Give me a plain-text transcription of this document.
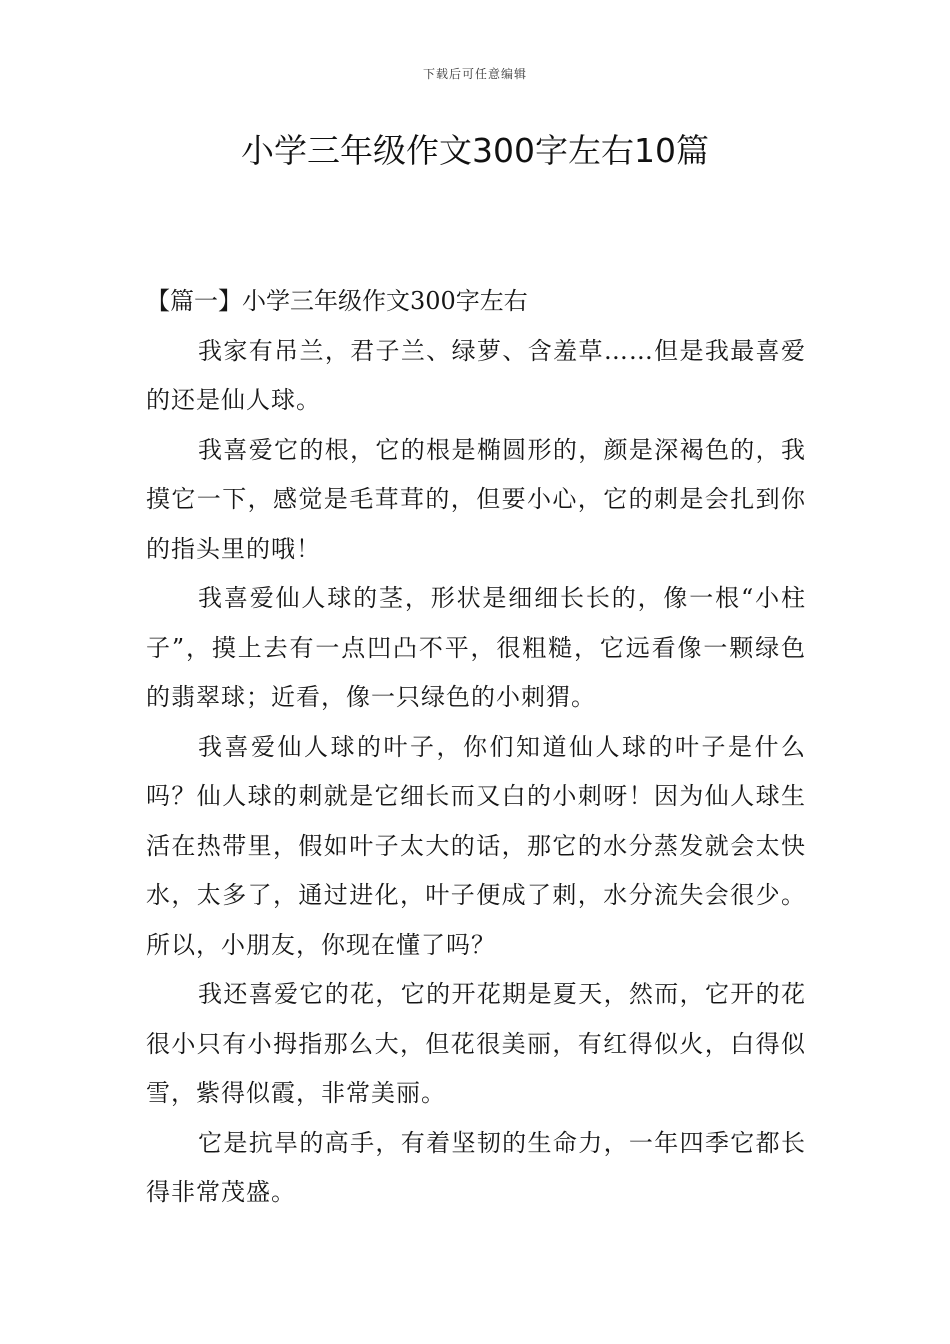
下载后可任意编辑
小学三年级作文300字左右10篇
【篇一】小学三年级作文300字左右

我家有吊兰，君子兰、绿萝、含羞草……但是我最喜爱的还是仙人球。

我喜爱它的根，它的根是椭圆形的，颜是深褐色的，我摸它一下，感觉是毛茸茸的，但要小心，它的刺是会扎到你的指头里的哦！

我喜爱仙人球的茎，形状是细细长长的，像一根“小柱子”，摸上去有一点凹凸不平，很粗糙，它远看像一颗绿色的翡翠球；近看，像一只绿色的小刺猬。

我喜爱仙人球的叶子，你们知道仙人球的叶子是什么吗？仙人球的刺就是它细长而又白的小刺呀！因为仙人球生活在热带里，假如叶子太大的话，那它的水分蒸发就会太快水，太多了，通过进化，叶子便成了刺，水分流失会很少。所以，小朋友，你现在懂了吗？

我还喜爱它的花，它的开花期是夏天，然而，它开的花很小只有小拇指那么大，但花很美丽，有红得似火，白得似雪，紫得似霞，非常美丽。

它是抗旱的高手，有着坚韧的生命力，一年四季它都长得非常茂盛。
